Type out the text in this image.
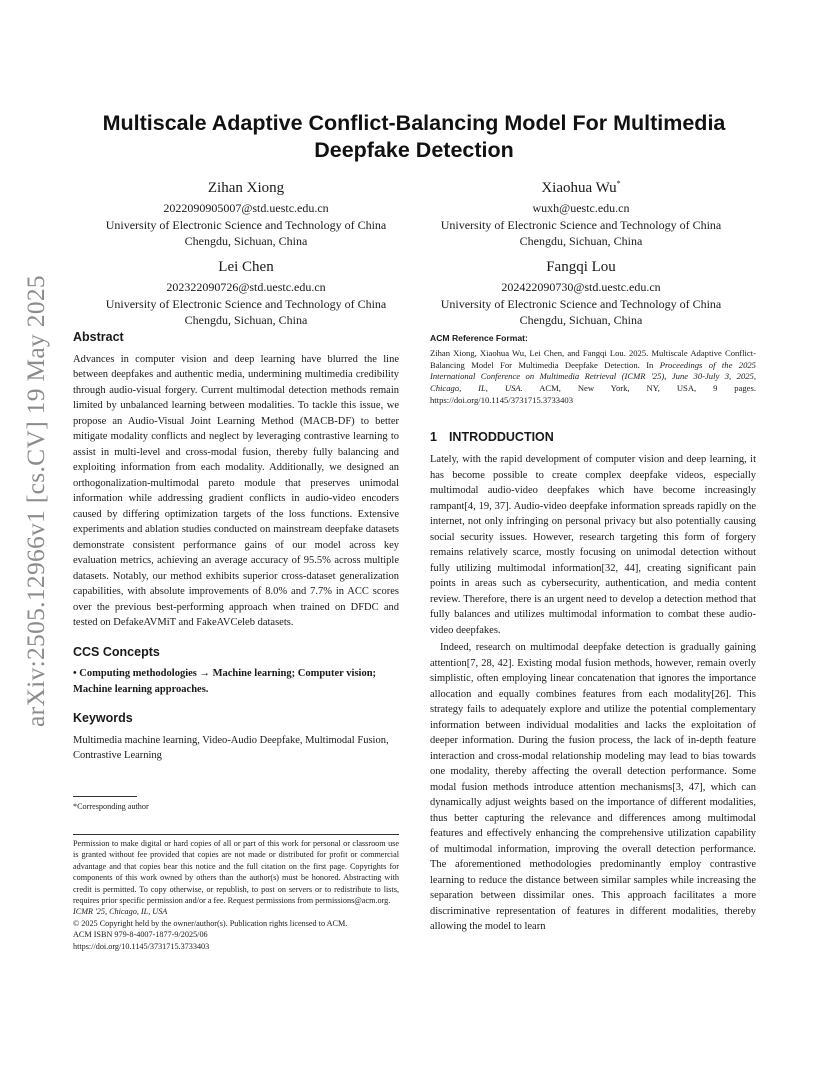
arXiv:2505.12966v1 [cs.CV] 19 May 2025
Multiscale Adaptive Conflict-Balancing Model For Multimedia Deepfake Detection
Zihan Xiong
2022090905007@std.uestc.edu.cn
University of Electronic Science and Technology of China
Chengdu, Sichuan, China
Xiaohua Wu*
wuxh@uestc.edu.cn
University of Electronic Science and Technology of China
Chengdu, Sichuan, China
Lei Chen
202322090726@std.uestc.edu.cn
University of Electronic Science and Technology of China
Chengdu, Sichuan, China
Fangqi Lou
202422090730@std.uestc.edu.cn
University of Electronic Science and Technology of China
Chengdu, Sichuan, China
Abstract

Advances in computer vision and deep learning have blurred the line between deepfakes and authentic media, undermining multimedia credibility through audio-visual forgery. Current multimodal detection methods remain limited by unbalanced learning between modalities. To tackle this issue, we propose an Audio-Visual Joint Learning Method (MACB-DF) to better mitigate modality conflicts and neglect by leveraging contrastive learning to assist in multi-level and cross-modal fusion, thereby fully balancing and exploiting information from each modality. Additionally, we designed an orthogonalization-multimodal pareto module that preserves unimodal information while addressing gradient conflicts in audio-video encoders caused by differing optimization targets of the loss functions. Extensive experiments and ablation studies conducted on mainstream deepfake datasets demonstrate consistent performance gains of our model across key evaluation metrics, achieving an average accuracy of 95.5% across multiple datasets. Notably, our method exhibits superior cross-dataset generalization capabilities, with absolute improvements of 8.0% and 7.7% in ACC scores over the previous best-performing approach when trained on DFDC and tested on DefakeAVMiT and FakeAVCeleb datasets.

CCS Concepts

• Computing methodologies → Machine learning; Computer vision; Machine learning approaches.

Keywords

Multimedia machine learning, Video-Audio Deepfake, Multimodal Fusion, Contrastive Learning

*Corresponding author

Permission to make digital or hard copies of all or part of this work for personal or classroom use is granted without fee provided that copies are not made or distributed for profit or commercial advantage and that copies bear this notice and the full citation on the first page. Copyrights for components of this work owned by others than the author(s) must be honored. Abstracting with credit is permitted. To copy otherwise, or republish, to post on servers or to redistribute to lists, requires prior specific permission and/or a fee. Request permissions from permissions@acm.org.

ICMR '25, Chicago, IL, USA

© 2025 Copyright held by the owner/author(s). Publication rights licensed to ACM.

ACM ISBN 979-8-4007-1877-9/2025/06

https://doi.org/10.1145/3731715.3733403

ACM Reference Format:
Zihan Xiong, Xiaohua Wu, Lei Chen, and Fangqi Lou. 2025. Multiscale Adaptive Conflict-Balancing Model For Multimedia Deepfake Detection. In Proceedings of the 2025 International Conference on Multimedia Retrieval (ICMR '25), June 30-July 3, 2025, Chicago, IL, USA. ACM, New York, NY, USA, 9 pages. https://doi.org/10.1145/3731715.3733403
1 INTRODDUCTION

Lately, with the rapid development of computer vision and deep learning, it has become possible to create complex deepfake videos, especially multimodal audio-video deepfakes which have become increasingly rampant[4, 19, 37]. Audio-video deepfake information spreads rapidly on the internet, not only infringing on personal privacy but also potentially causing social security issues. However, research targeting this form of forgery remains relatively scarce, mostly focusing on unimodal detection without fully utilizing multimodal information[32, 44], creating significant pain points in areas such as cybersecurity, authentication, and media content review. Therefore, there is an urgent need to develop a detection method that fully balances and utilizes multimodal information to combat these audio-video deepfakes.

Indeed, research on multimodal deepfake detection is gradually gaining attention[7, 28, 42]. Existing modal fusion methods, however, remain overly simplistic, often employing linear concatenation that ignores the importance allocation and equally combines features from each modality[26]. This strategy fails to adequately explore and utilize the potential complementary information between individual modalities and lacks the exploitation of deeper information. During the fusion process, the lack of in-depth feature interaction and cross-modal relationship modeling may lead to bias towards one modality, thereby affecting the overall detection performance. Some modal fusion methods introduce attention mechanisms[3, 47], which can dynamically adjust weights based on the importance of different modalities, thus better capturing the relevance and differences among multimodal features and effectively enhancing the comprehensive utilization capability of multimodal information, improving the overall detection performance. The aforementioned methodologies predominantly employ contrastive learning to reduce the distance between similar samples while increasing the separation between dissimilar ones. This approach facilitates a more discriminative representation of features in different modalities, thereby allowing the model to learn
